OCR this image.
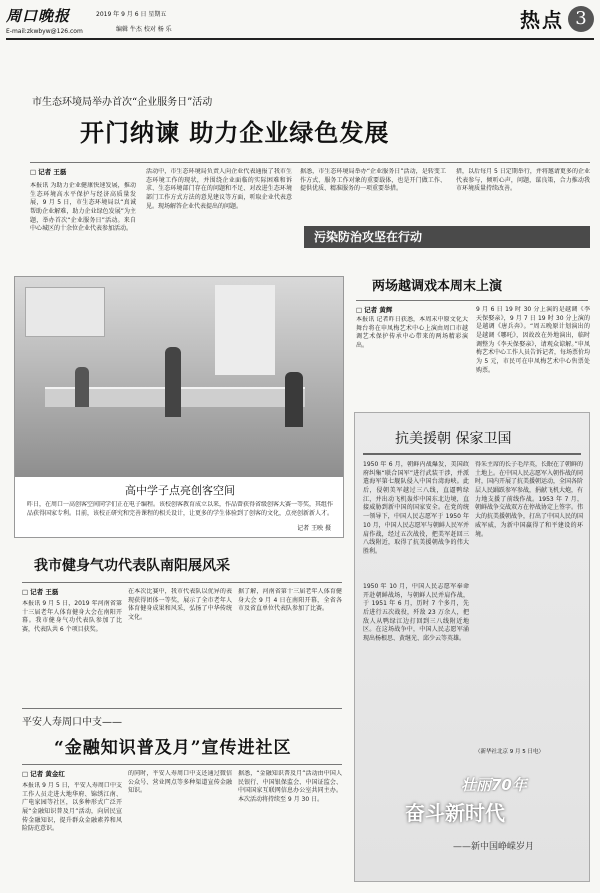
周口晚报
E-mail:zkwbyw@126.com
2019 年 9 月 6 日 星期五
编辑 牛杰 校对 杨 乐	热点 3
市生态环境局举办首次“企业服务日”活动
开门纳谏 助力企业绿色发展
□ 记者 王磊
本报讯 为助力企业健康快速发展，推动生态环境高水平保护与经济高质量发展，9 月 5 日，市生态环境局以“真诚帮助企业解难，助力企业绿色发展”为主题，举办首次“企业服务日”活动。来自中心城区的十余位企业代表参加活动。
活动中，市生态环境局负责人向企业代表通报了我市生态环境工作的现状，并围绕企业面临的实际困难和诉求、生态环境部门存在的问题和不足、对改进生态环境部门工作方式方法的意见建议等方面，听取企业代表意见。现场解答企业代表提出的问题。
据悉，市生态环境局举办“企业服务日”活动，是转变工作方式、服务工作对象的重要载体，也是开门做工作、提供优质、精准服务的一项重要举措。
措，以后每月 5 日定期举行，并将邀请更多的企业代表参与，倾听心声，问题，谋良策，合力推动我市环境质量持续改善。
污染防治攻坚在行动
高中学子点亮创客空间
昨日，在周口一高创客空间同学们正在电子编程。该校创客教育成立以来，作品曾获得省级创客大赛一等奖，其组作品获得国家专利。目前，该校正研究和完善课程的相关设计，让更多的学生体验到了创客的文化，点亮创新新人才。
记者 王映 摄
两场越调戏本周末上演
□ 记者 黄辉
本报讯 记者昨日获悉，本周末中原文化大舞台将在申凤梅艺术中心上演由周口市越调艺术保护传承中心带来的两场精彩演出。
9 月 6 日 19 时 30 分上演的是越调《李天保娶亲》，9 月 7 日 19 时 30 分上演的是越调《唐兵奔》。“周五晚原计划演出的是越调《哪吒》，因故改在外地演出，临时调整为《李天保娶亲》，请观众谅解。”申凤梅艺术中心工作人员告诉记者，每场票价均为 5 元，市民可在申凤梅艺术中心售票处购票。
抗美援朝 保家卫国
1950 年 6 月，朝鲜内战爆发，美国政府纠集“联合国军”进行武装干涉，并派遣海军第七舰队侵入中国台湾海峡。此后，侵朝美军越过三八线，直逼鸭绿江，并出动飞机轰炸中国东北边境，直接威胁到新中国的国家安全。在党的统一领导下，中国人民志愿军于 1950 年 10 月，中国人民志愿军与朝鲜人民军并肩作战，经过五次战役，把美军赶回三八线附近，取得了抗美援朝战争的伟大胜利。
1950 年 10 月，中国人民志愿军奉命开赴朝鲜战场，与朝鲜人民并肩作战，于 1951 年 6 月，历时 7 个多月，先后进行五次战役，歼敌 23 万余人，把敌人从鸭绿江边打回到三八线附近地区。在这场战争中，中国人民志愿军涌现出杨根思、黄继光、邱少云等英雄。
得朱主席的长子毛岸英，长眠在了朝鲜的土地上。在中国人民志愿军入朝作战的同时，国内开展了抗美援朝运动，全国各阶层人民踊跃参军参战，捐献飞机大炮，有力地支援了前线作战。1953 年 7 月，朝鲜战争交战双方在停战协定上签字。伟大的抗美援朝战争，打出了中国人民的国威军威，为新中国赢得了和平建设的环境。
（新华社北京 9 月 5 日电）
壮丽70年
奋斗新时代
——新中国峥嵘岁月
我市健身气功代表队南阳展风采
□ 记者 王磊
本报讯 9 月 5 日，2019 年河南省第十三届老年人体育健身大会在南阳开幕。我市健身气功代表队参加了比赛，代表队共 6 个项目获奖。
在本次比赛中，我市代表队以优异的表现获得团体一等奖，展示了全市老年人体育健身成果和风采，弘扬了中华传统文化。
据了解，河南省第十三届老年人体育健身大会 9 月 4 日在南阳开幕，全省各市及省直单位代表队参加了比赛。
平安人寿周口中支——
“金融知识普及月”宣传进社区
□ 记者 黄金红
本报讯 9 月 5 日，平安人寿周口中支工作人员走进大地华府、锦绣江南、广电家园等社区，以多种形式广泛开展“金融知识普及月”活动，向居民宣传金融知识，提升群众金融素养和风险防范意识。
的同时，平安人寿周口中支还通过微信公众号、营业网点等多种渠道宣传金融知识。
据悉，“金融知识普及月”活动由中国人民银行、中国银保监会、中国证监会、中国国家互联网信息办公室共同主办。本次活动将持续至 9 月 30 日。
